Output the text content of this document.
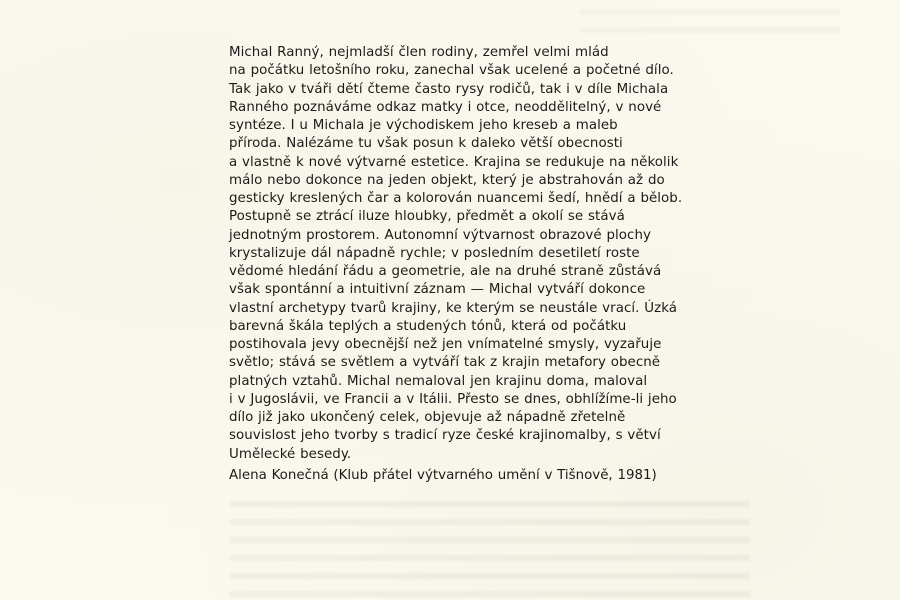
Michal Ranný, nejmladší člen rodiny, zemřel velmi mlád
na počátku letošního roku, zanechal však ucelené a početné dílo.
Tak jako v tváři dětí čteme často rysy rodičů, tak i v díle Michala
Ranného poznáváme odkaz matky i otce, neoddělitelný, v nové
syntéze. I u Michala je východiskem jeho kreseb a maleb
příroda. Nalézáme tu však posun k daleko větší obecnosti
a vlastně k nové výtvarné estetice. Krajina se redukuje na několik
málo nebo dokonce na jeden objekt, který je abstrahován až do
gesticky kreslených čar a kolorován nuancemi šedí, hnědí a bělob.
Postupně se ztrácí iluze hloubky, předmět a okolí se stává
jednotným prostorem. Autonomní výtvarnost obrazové plochy
krystalizuje dál nápadně rychle; v posledním desetiletí roste
vědomé hledání řádu a geometrie, ale na druhé straně zůstává
však spontánní a intuitivní záznam — Michal vytváří dokonce
vlastní archetypy tvarů krajiny, ke kterým se neustále vrací. Úzká
barevná škála teplých a studených tónů, která od počátku
postihovala jevy obecnější než jen vnímatelné smysly, vyzařuje
světlo; stává se světlem a vytváří tak z krajin metafory obecně
platných vztahů. Michal nemaloval jen krajinu doma, maloval
i v Jugoslávii, ve Francii a v Itálii. Přesto se dnes, obhlížíme-li jeho
dílo již jako ukončený celek, objevuje až nápadně zřetelně
souvislost jeho tvorby s tradicí ryze české krajinomalby, s větví
Umělecké besedy.
Alena Konečná (Klub přátel výtvarného umění v Tišnově, 1981)
